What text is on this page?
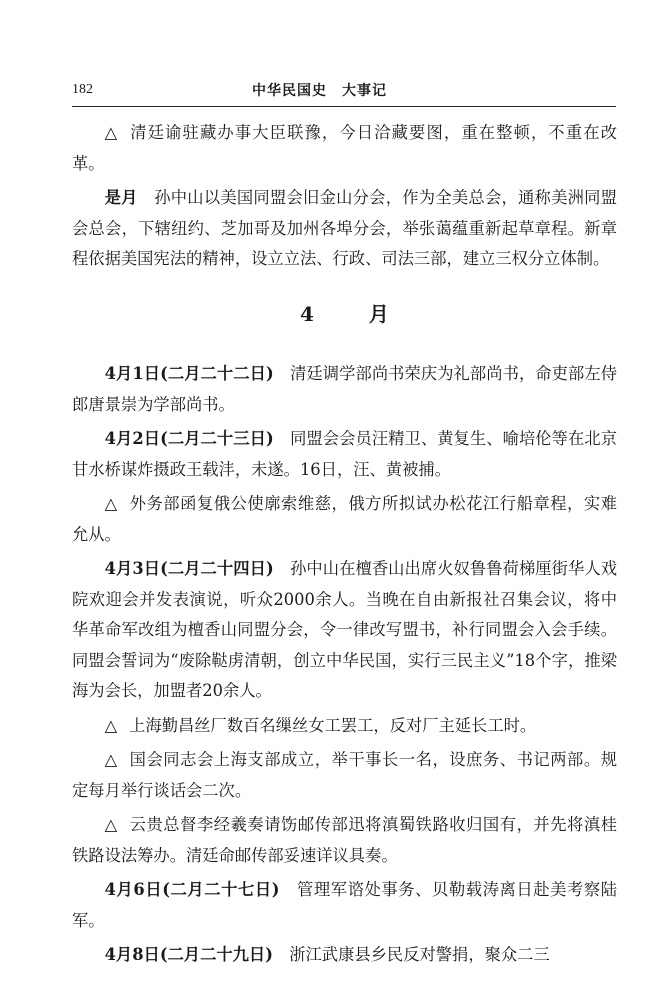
182	中华民国史　大事记

△ 清廷谕驻藏办事大臣联豫，今日洽藏要图，重在整顿，不重在改革。

是月　 孙中山以美国同盟会旧金山分会，作为全美总会，通称美洲同盟会总会，下辖纽约、芝加哥及加州各埠分会，举张蔼蕴重新起草章程。新章程依据美国宪法的精神，设立立法、行政、司法三部，建立三权分立体制。

4 月

4月1日(二月二十二日)　 清廷调学部尚书荣庆为礼部尚书，命吏部左侍郎唐景崇为学部尚书。

4月2日(二月二十三日)　 同盟会会员汪精卫、黄复生、喻培伦等在北京甘水桥谋炸摄政王载沣，未遂。16日，汪、黄被捕。

△ 外务部函复俄公使廓索维慈，俄方所拟试办松花江行船章程，实难允从。

4月3日(二月二十四日)　 孙中山在檀香山出席火奴鲁鲁荷梯厘街华人戏院欢迎会并发表演说，听众2000余人。当晚在自由新报社召集会议，将中华革命军改组为檀香山同盟分会，令一律改写盟书，补行同盟会入会手续。同盟会誓词为“废除鞑虏清朝，创立中华民国，实行三民主义”18个字，推梁海为会长，加盟者20余人。

△ 上海勤昌丝厂数百名缫丝女工罢工，反对厂主延长工时。

△ 国会同志会上海支部成立，举干事长一名，设庶务、书记两部。规定每月举行谈话会二次。

△ 云贵总督李经羲奏请饬邮传部迅将滇蜀铁路收归国有，并先将滇桂铁路设法筹办。清廷命邮传部妥速详议具奏。

4月6日(二月二十七日)　 管理军谘处事务、贝勒载涛离日赴美考察陆军。

4月8日(二月二十九日)　 浙江武康县乡民反对警捐，聚众二三
